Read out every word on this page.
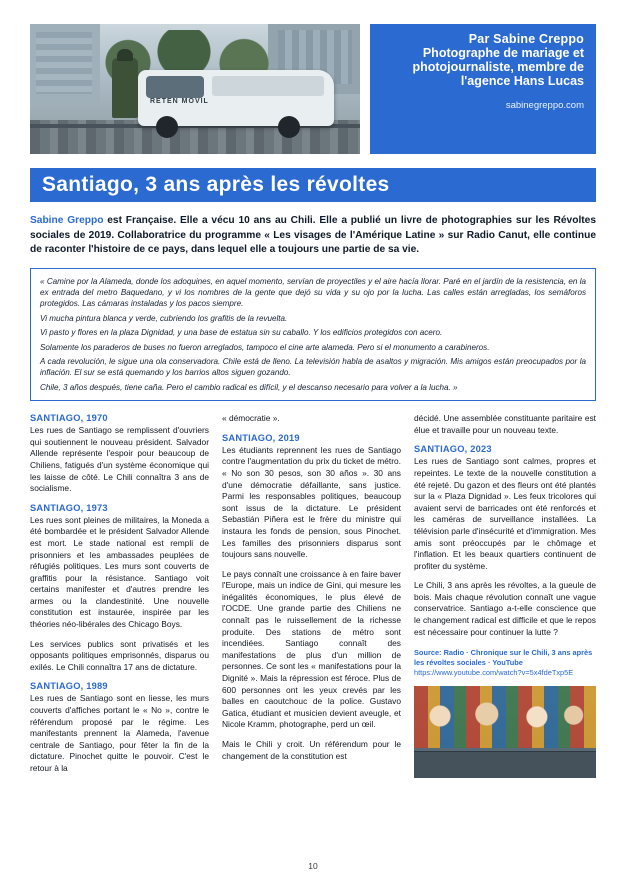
RETEN MOVIL
Par Sabine Creppo
Photographe de mariage et photojournaliste, membre de l'agence Hans Lucas
sabinegreppo.com
Santiago, 3 ans après les révoltes
Sabine Greppo est Française. Elle a vécu 10 ans au Chili. Elle a publié un livre de photographies sur les Révoltes sociales de 2019. Collaboratrice du programme « Les visages de l'Amérique Latine » sur Radio Canut, elle continue de raconter l'histoire de ce pays, dans lequel elle a toujours une partie de sa vie.

« Camine por la Alameda, donde los adoquines, en aquel momento, servían de proyectiles y el aire hacía llorar. Paré en el jardín de la resistencia, en la ex entrada del metro Baquedano, y vi los nombres de la gente que dejó su vida y su ojo por la lucha. Las calles están arregladas, los semáforos protegidos. Las cámaras instaladas y los pacos siempre.

Vi mucha pintura blanca y verde, cubriendo los grafitis de la revuelta.

Vi pasto y flores en la plaza Dignidad, y una base de estatua sin su caballo. Y los edificios protegidos con acero.

Solamente los paraderos de buses no fueron arreglados, tampoco el cine arte alameda. Pero si el monumento a carabineros.

A cada revolución, le sigue una ola conservadora. Chile está de lleno. La televisión habla de asaltos y migración. Mis amigos están preocupados por la inflación. El sur se está quemando y los barrios altos siguen gozando.

Chile, 3 años después, tiene caña. Pero el cambio radical es difícil, y el descanso necesario para volver a la lucha. »

SANTIAGO, 1970

Les rues de Santiago se remplissent d'ouvriers qui soutiennent le nouveau président. Salvador Allende représente l'espoir pour beaucoup de Chiliens, fatigués d'un système économique qui les laisse de côté. Le Chili connaîtra 3 ans de socialisme.

SANTIAGO, 1973

Les rues sont pleines de militaires, la Moneda a été bombardée et le président Salvador Allende est mort. Le stade national est rempli de prisonniers et les ambassades peuplées de réfugiés politiques. Les murs sont couverts de graffitis pour la résistance. Santiago voit certains manifester et d'autres prendre les armes ou la clandestinité. Une nouvelle constitution est instaurée, inspirée par les théories néo-libérales des Chicago Boys.

Les services publics sont privatisés et les opposants politiques emprisonnés, disparus ou exilés. Le Chili connaîtra 17 ans de dictature.

SANTIAGO, 1989

Les rues de Santiago sont en liesse, les murs couverts d'affiches portant le « No », contre le référendum proposé par le régime. Les manifestants prennent la Alameda, l'avenue centrale de Santiago, pour fêter la fin de la dictature. Pinochet quitte le pouvoir. C'est le retour à la

« démocratie ».

SANTIAGO, 2019

Les étudiants reprennent les rues de Santiago contre l'augmentation du prix du ticket de métro. « No son 30 pesos, son 30 años ». 30 ans d'une démocratie défaillante, sans justice. Parmi les responsables politiques, beaucoup sont issus de la dictature. Le président Sebastián Piñera est le frère du ministre qui instaura les fonds de pension, sous Pinochet. Les familles des prisonniers disparus sont toujours sans nouvelle.

Le pays connaît une croissance à en faire baver l'Europe, mais un indice de Gini, qui mesure les inégalités économiques, le plus élevé de l'OCDE. Une grande partie des Chiliens ne connaît pas le ruissellement de la richesse produite. Des stations de métro sont incendiées. Santiago connaît des manifestations de plus d'un million de personnes. Ce sont les « manifestations pour la Dignité ». Mais la répression est féroce. Plus de 600 personnes ont les yeux crevés par les balles en caoutchouc de la police. Gustavo Gatica, étudiant et musicien devient aveugle, et Nicole Kramm, photographe, perd un œil.

Mais le Chili y croit. Un référendum pour le changement de la constitution est

décidé. Une assemblée constituante paritaire est élue et travaille pour un nouveau texte.

SANTIAGO, 2023

Les rues de Santiago sont calmes, propres et repeintes. Le texte de la nouvelle constitution a été rejeté. Du gazon et des fleurs ont été plantés sur la « Plaza Dignidad ». Les feux tricolores qui avaient servi de barricades ont été renforcés et les caméras de surveillance installées. La télévision parle d'insécurité et d'immigration. Mes amis sont préoccupés par le chômage et l'inflation. Et les beaux quartiers continuent de profiter du système.

Le Chili, 3 ans après les révoltes, a la gueule de bois. Mais chaque révolution connaît une vague conservatrice. Santiago a-t-elle conscience que le changement radical est difficile et que le repos est nécessaire pour continuer la lutte ?

Source: Radio · Chronique sur le Chili, 3 ans après les révoltes sociales · YouTube
https://www.youtube.com/watch?v=5x4fdeTxp5E
10
